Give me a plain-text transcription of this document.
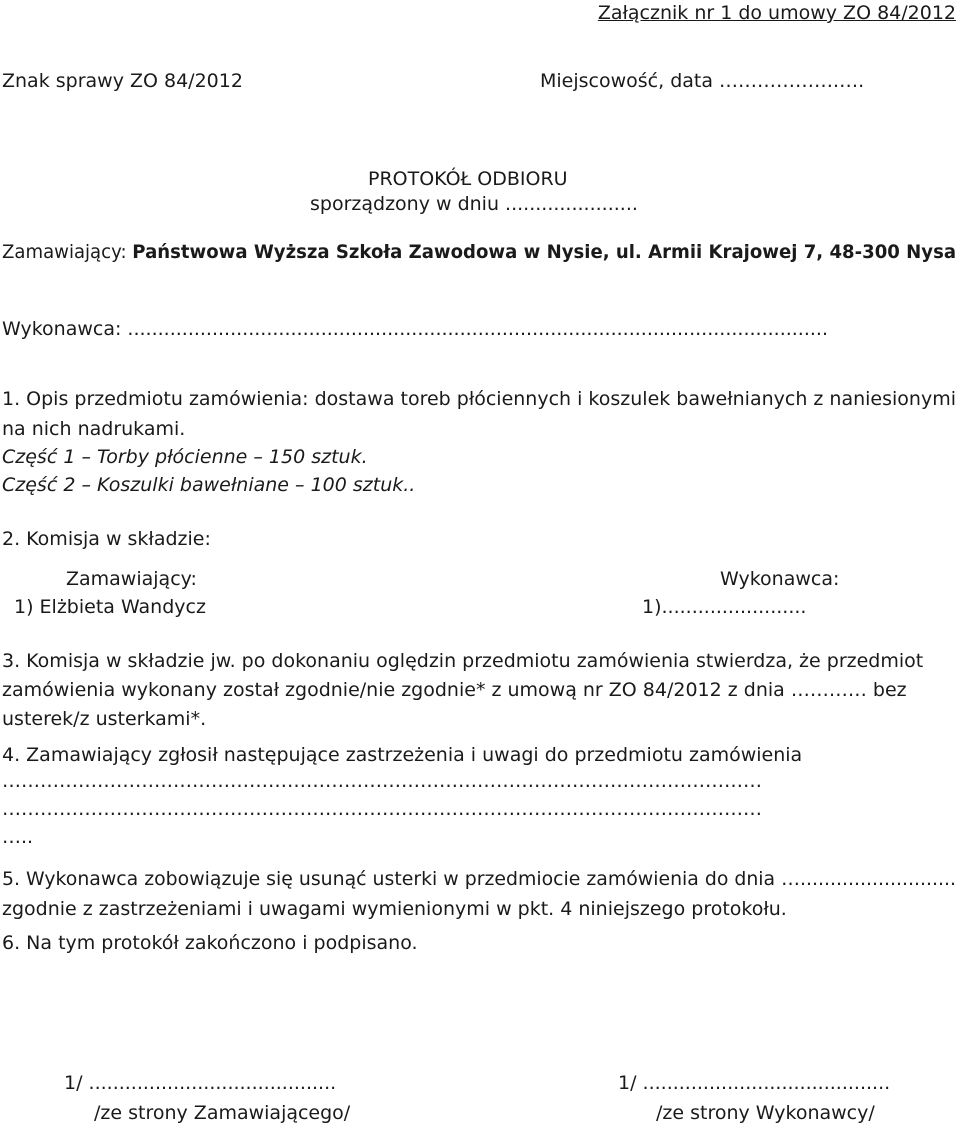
Załącznik nr 1 do umowy ZO 84/2012

Znak sprawy ZO 84/2012	Miejscowość, data ……………….….

PROTOKÓŁ ODBIORU

sporządzony w dniu ......................

Zamawiający: Państwowa Wyższa Szkoła Zawodowa w Nysie, ul. Armii Krajowej 7, 48-300 Nysa

Wykonawca: ....................................................................................................................

1. Opis przedmiotu zamówienia: dostawa toreb płóciennych i koszulek bawełnianych z naniesionymi

na nich nadrukami.

Część 1 – Torby płócienne – 150 sztuk.

Część 2 – Koszulki bawełniane – 100 sztuk..

2. Komisja w składzie:

Zamawiający:	Wykonawca:

1) Elżbieta Wandycz	1)........................

3. Komisja w składzie jw. po dokonaniu oględzin przedmiotu zamówienia stwierdza, że przedmiot

zamówienia wykonany został zgodnie/nie zgodnie* z umową nr ZO 84/2012 z dnia ………… bez

usterek/z usterkami*.

4. Zamawiający zgłosił następujące zastrzeżenia i uwagi do przedmiotu zamówienia

…………………………………………………………………………………………………………

…………………………………………………………………………………………………………

…..

5. Wykonawca zobowiązuje się usunąć usterki w przedmiocie zamówienia do dnia …..........................

zgodnie z zastrzeżeniami i uwagami wymienionymi w pkt. 4 niniejszego protokołu.

6. Na tym protokół zakończono i podpisano.

1/ .........................................	1/ .........................................

/ze strony Zamawiającego/	/ze strony Wykonawcy/
